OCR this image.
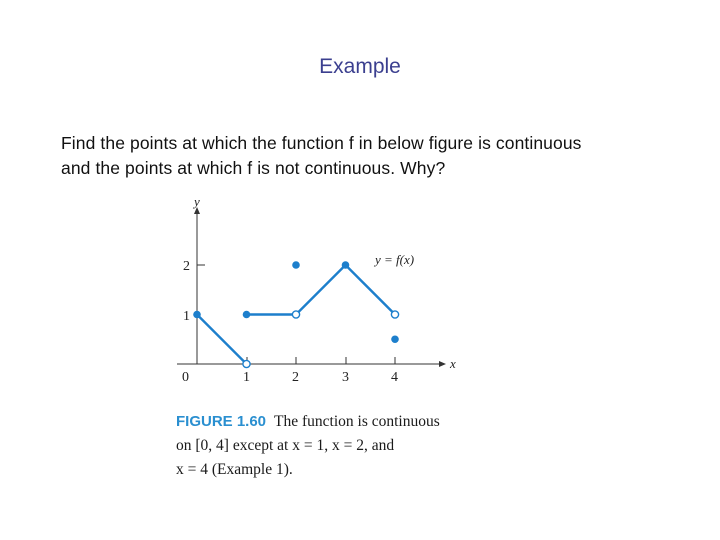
Example
Find the points at which the function f in below figure is continuous
and the points at which f is not continuous. Why?
y
x
0	1	2	3	4
1
2	y = f(x)
FIGURE 1.60 The function is continuous
on [0, 4] except at x = 1, x = 2, and
x = 4 (Example 1).
